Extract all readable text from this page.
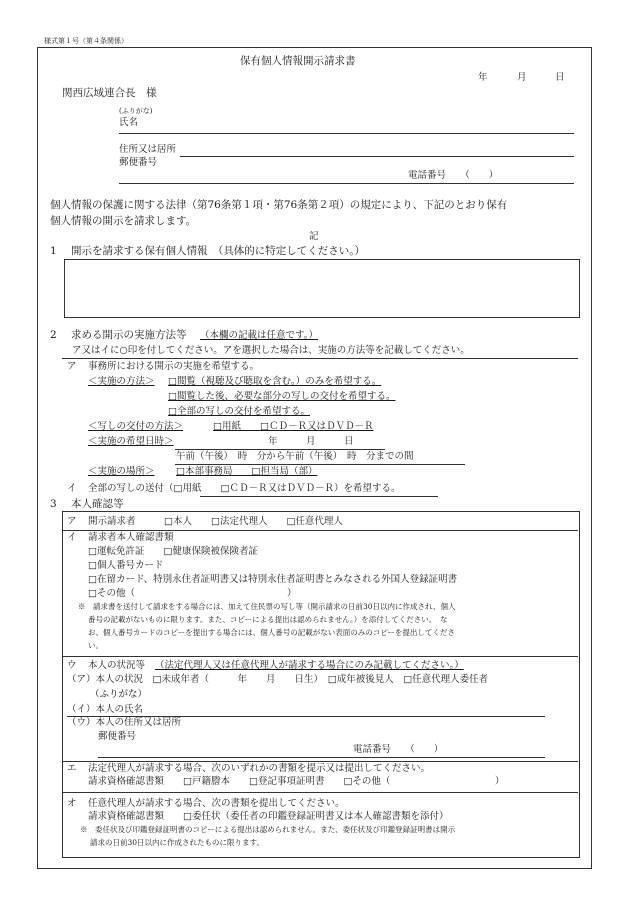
様式第１号（第４条関係）
保有個人情報開示請求書
年	月	日
関西広域連合長　様
(ふりがな)
氏名
住所又は居所
郵便番号
電話番号　　（　　）
個人情報の保護に関する法律（第76条第１項・第76条第２項）の規定により、下記のとおり保有
個人情報の開示を請求します。
記
1 開示を請求する保有個人情報　（具体的に特定してください。）
2 求める開示の実施方法等 （本欄の記載は任意です。）
ア又はイに○印を付してください。アを選択した場合は、実施の方法等を記載してください。
ア 事務所における開示の実施を希望する。
＜実施の方法＞ □閲覧（視聴及び聴取を含む。）のみを希望する。
□閲覧した後、必要な部分の写しの交付を希望する。
□全部の写しの交付を希望する。
＜写しの交付の方法＞	□用紙　　□ＣＤ－Ｒ又はＤＶＤ－Ｒ
＜実施の希望日時＞	年　　　月　　　日
午前（午後）　時　分から午前（午後）　時　分までの間
＜実施の場所＞ □本部事務局　　□担当局（部）
イ 全部の写しの送付（□用紙　　□ＣＤ－Ｒ又はＤＶＤ－Ｒ）を希望する。
3 本人確認等
ア 開示請求者　　　□本人　　□法定代理人　　□任意代理人
イ 請求者本人確認書類
□運転免許証　　□健康保険被保険者証
□個人番号カード
□在留カード、特別永住者証明書又は特別永住者証明書とみなされる外国人登録証明書
□その他（　　　　　　　　　　　　　　　　）
※　請求書を送付して請求をする場合には、加えて住民票の写し等（開示請求の日前30日以内に作成され、個人
番号の記載がないものに限ります。また、コピーによる提出は認められません。）を添付してください。　な
お、個人番号カードのコピーを提出する場合には、個人番号の記載がない表面のみのコピーを提出してくださ
い。
ウ 本人の状況等 （法定代理人又は任意代理人が請求する場合にのみ記載してください。）
（ア）本人の状況　□未成年者（　　　年　　月　　日生）　□成年被後見人　□任意代理人委任者
（ふりがな）
（イ）本人の氏名
（ウ）本人の住所又は居所
郵便番号
電話番号　　（　　）
エ 法定代理人が請求する場合、次のいずれかの書類を提示又は提出してください。
請求資格確認書類　　□戸籍謄本　　□登記事項証明書　　□その他（　　　　　　　　　　　）
オ 任意代理人が請求する場合、次の書類を提出してください。
請求資格確認書類　　□委任状（委任者の印鑑登録証明書又は本人確認書類を添付）
※　委任状及び印鑑登録証明書のコピーによる提出は認められません。また、委任状及び印鑑登録証明書は開示
請求の日前30日以内に作成されたものに限ります。
